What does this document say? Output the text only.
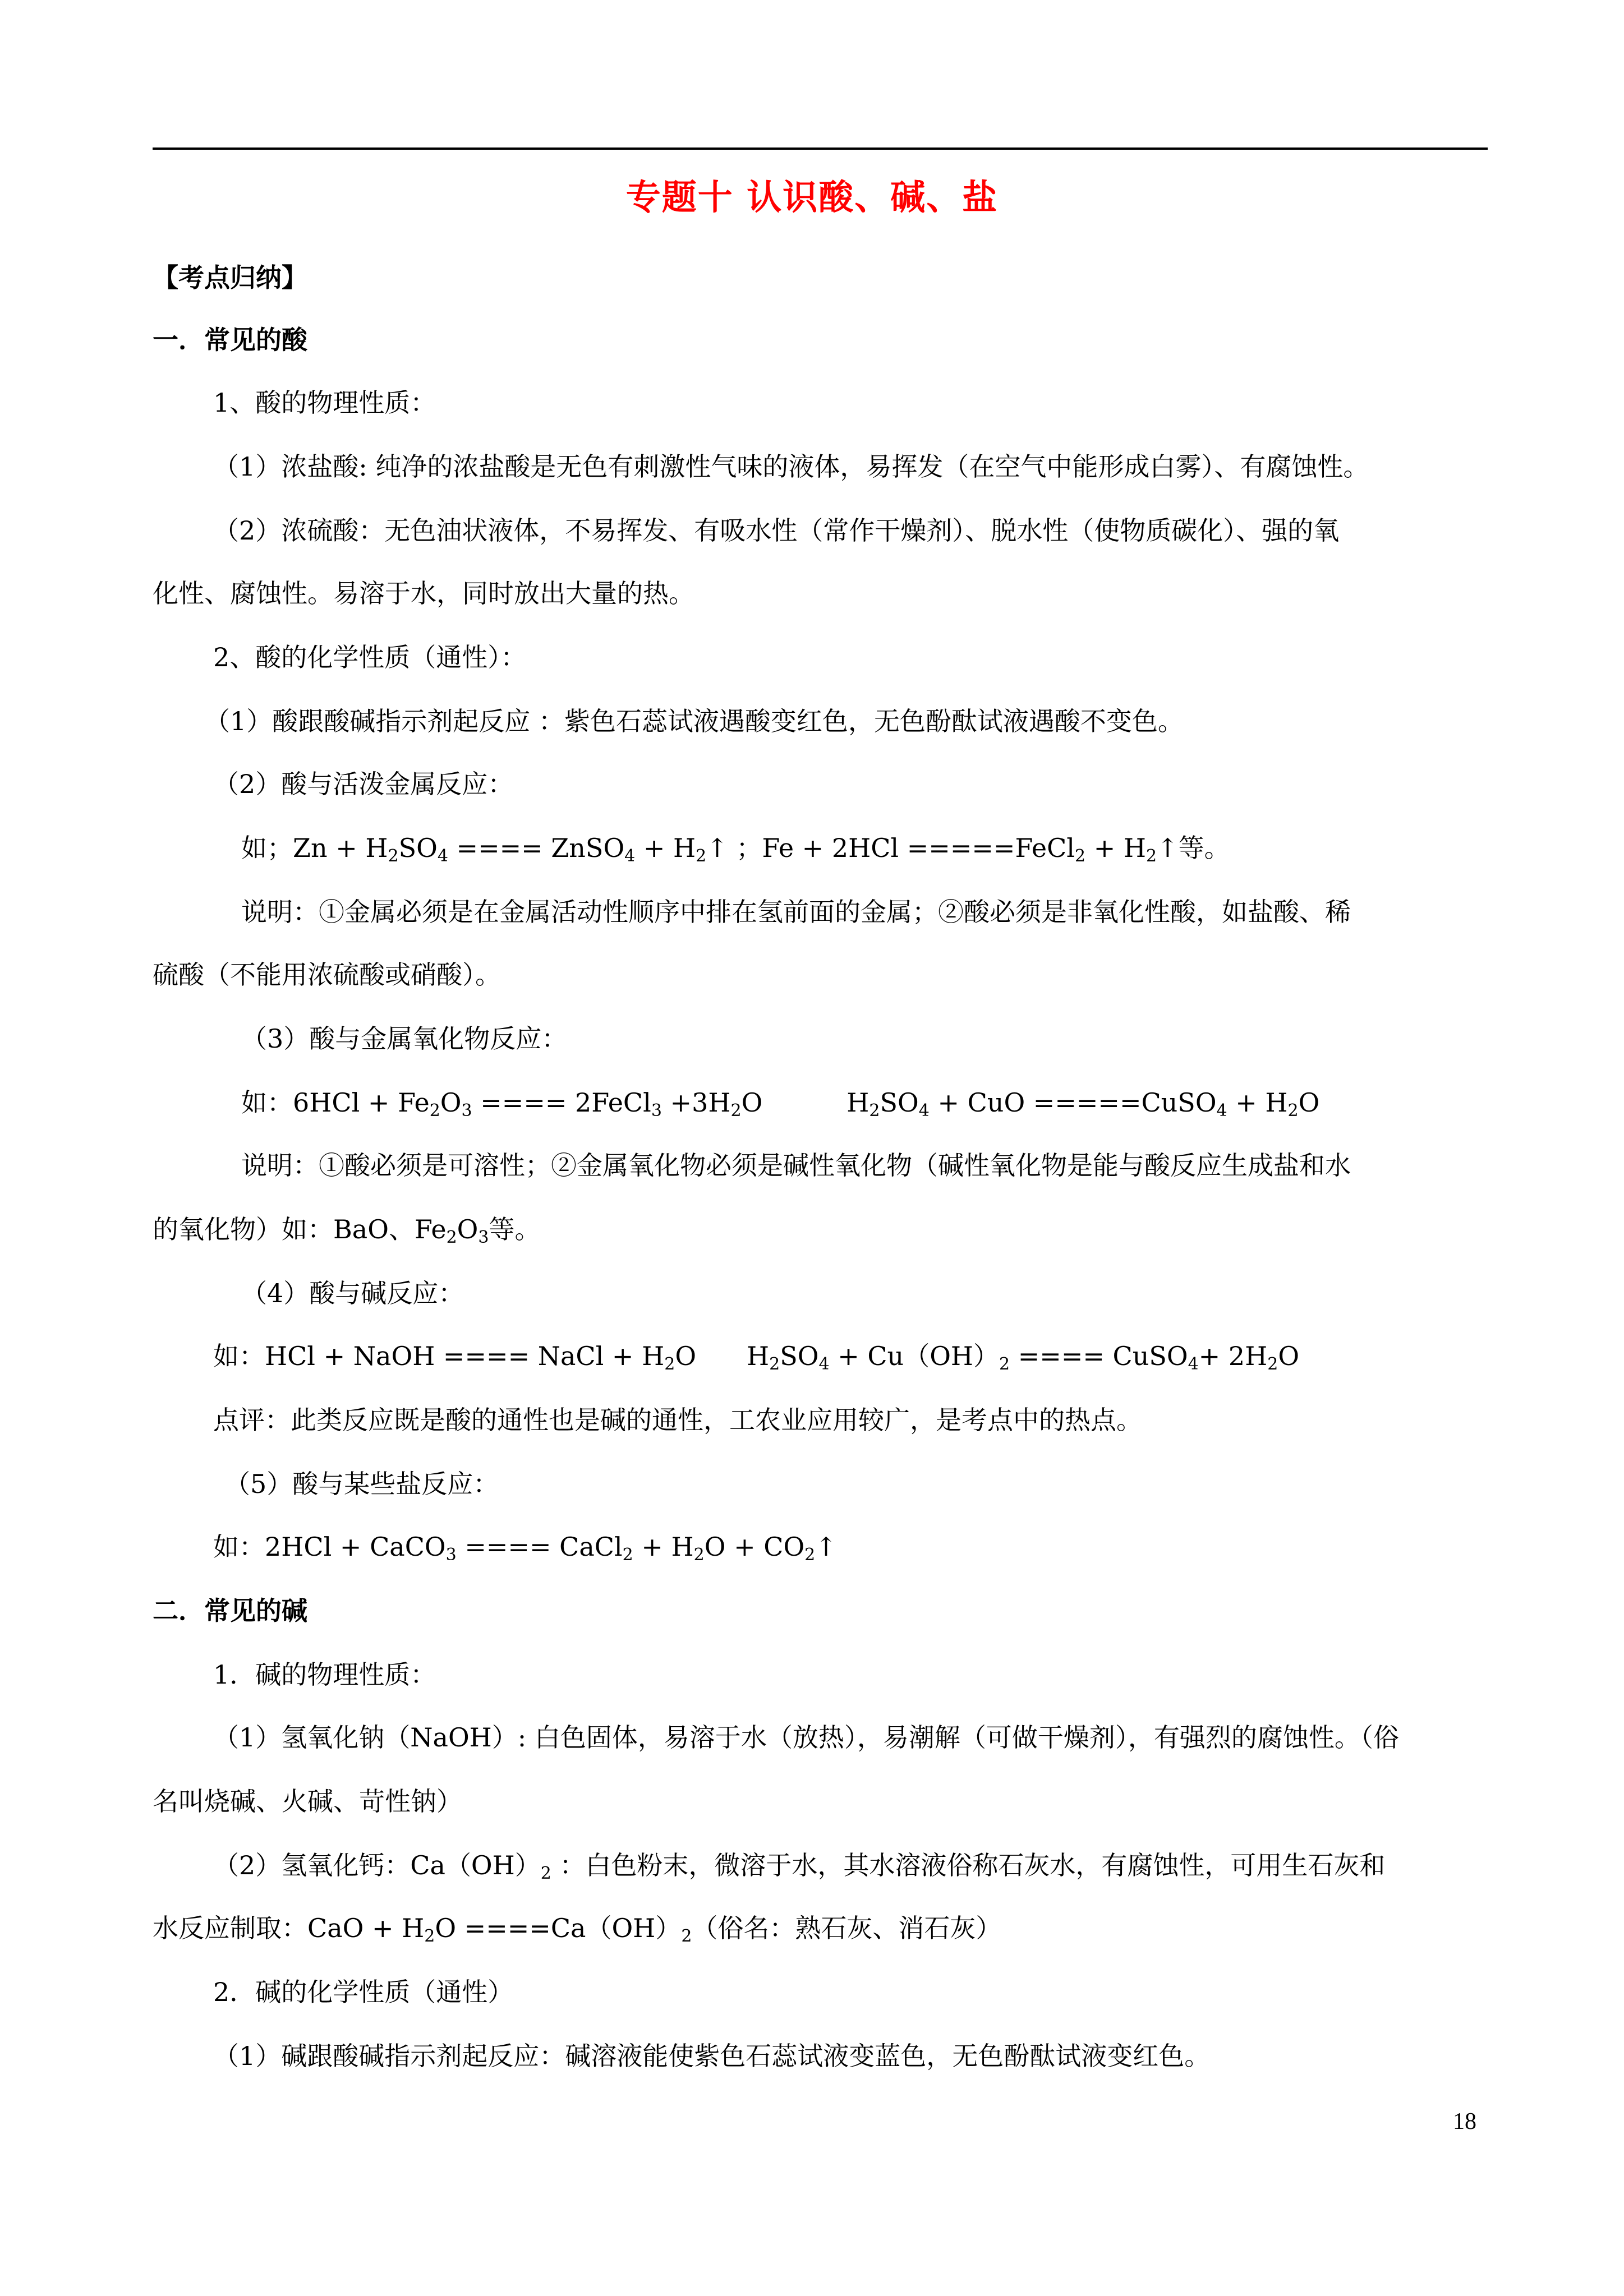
专题十 认识酸、碱、盐
【考点归纳】
一．常见的酸
1、酸的物理性质：
（1）浓盐酸: 纯净的浓盐酸是无色有刺激性气味的液体，易挥发（在空气中能形成白雾）、有腐蚀性。
（2）浓硫酸：无色油状液体，不易挥发、有吸水性（常作干燥剂）、脱水性（使物质碳化）、强的氧
化性、腐蚀性。易溶于水，同时放出大量的热。
2、酸的化学性质（通性）：
（1）酸跟酸碱指示剂起反应 ：紫色石蕊试液遇酸变红色，无色酚酞试液遇酸不变色。
（2）酸与活泼金属反应：
如；$Zn + H_2SO_4$ ==== ZnSO$_4$ + $H_2↑$ ；Fe + 2HCl =====FeCl$_2$ + $H_2↑$等。
说明：①金属必须是在金属活动性顺序中排在氢前面的金属；②酸必须是非氧化性酸，如盐酸、稀
硫酸（不能用浓硫酸或硝酸）。
（3）酸与金属氧化物反应：
如：$6HCl + Fe_2O_3$ ==== 2FeCl$_3$ $+3H_2O$	$H_2SO_4$ + CuO =====CuSO$_4$ + $H_2O$
说明：①酸必须是可溶性；②金属氧化物必须是碱性氧化物（碱性氧化物是能与酸反应生成盐和水
的氧化物）如：BaO、$Fe_2O_3$等。
（4）酸与碱反应：
如：HCl + NaOH ==== NaCl + $H_2O$ $H_2SO_4 + Cu(OH)_2$ ==== CuSO$_4$+ $2H_2O$
点评：此类反应既是酸的通性也是碱的通性，工农业应用较广，是考点中的热点。
（5）酸与某些盐反应：
如：2HCl + CaCO$_3$ ==== CaCl$_2$ + $H_2O$ + $CO_2↑$
二．常见的碱
1．碱的物理性质：
（1）氢氧化钠（NaOH）: 白色固体，易溶于水（放热），易潮解（可做干燥剂），有强烈的腐蚀性。（俗
名叫烧碱、火碱、苛性钠）
（2）氢氧化钙：$Ca(OH)_2$ ：白色粉末，微溶于水，其水溶液俗称石灰水，有腐蚀性，可用生石灰和
水反应制取：CaO + $H_2O ====Ca(OH)_2$（俗名：熟石灰、消石灰）
2．碱的化学性质（通性）
（1）碱跟酸碱指示剂起反应：碱溶液能使紫色石蕊试液变蓝色，无色酚酞试液变红色。
18
